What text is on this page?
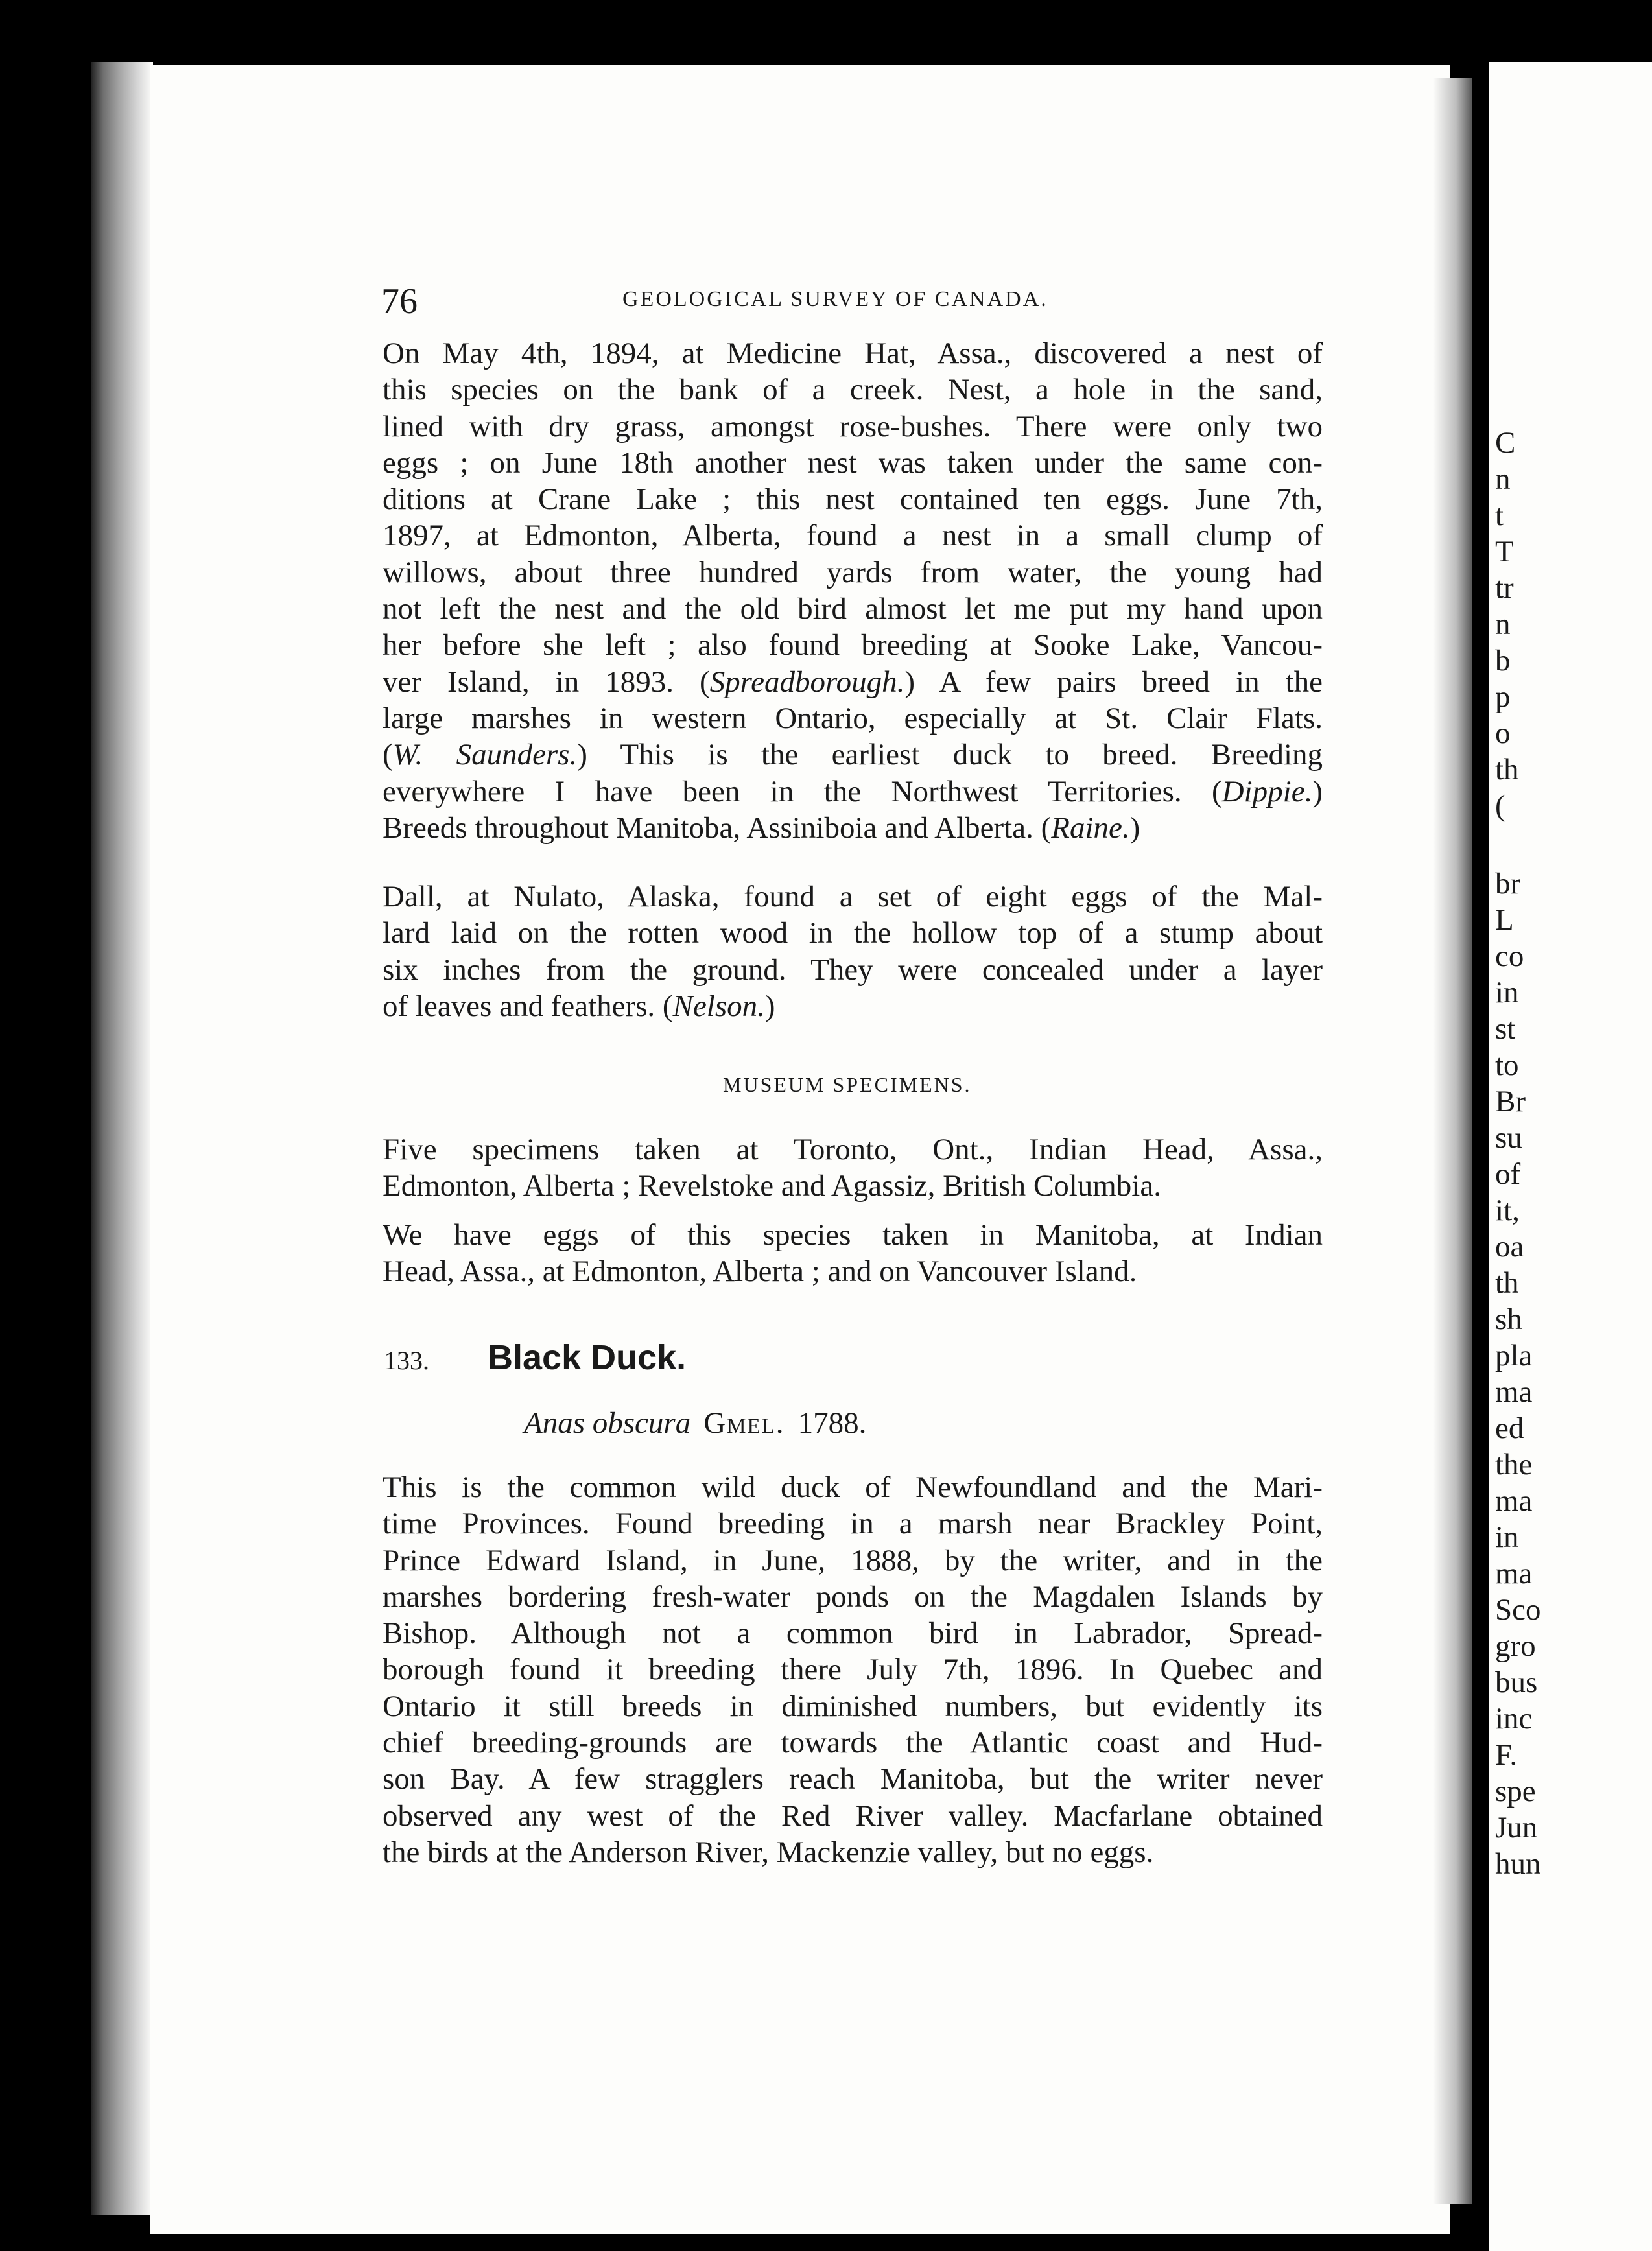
76	GEOLOGICAL SURVEY OF CANADA.
On May 4th, 1894, at Medicine Hat, Assa., discovered a nest of
this species on the bank of a creek. Nest, a hole in the sand,
lined with dry grass, amongst rose-bushes. There were only two
eggs ; on June 18th another nest was taken under the same con-
ditions at Crane Lake ; this nest contained ten eggs. June 7th,
1897, at Edmonton, Alberta, found a nest in a small clump of
willows, about three hundred yards from water, the young had
not left the nest and the old bird almost let me put my hand upon
her before she left ; also found breeding at Sooke Lake, Vancou-
ver Island, in 1893. (Spreadborough.) A few pairs breed in the
large marshes in western Ontario, especially at St. Clair Flats.
(W. Saunders.) This is the earliest duck to breed. Breeding
everywhere I have been in the Northwest Territories. (Dippie.)
Breeds throughout Manitoba, Assiniboia and Alberta. (Raine.)
Dall, at Nulato, Alaska, found a set of eight eggs of the Mal-
lard laid on the rotten wood in the hollow top of a stump about
six inches from the ground. They were concealed under a layer
of leaves and feathers. (Nelson.)
MUSEUM SPECIMENS.
Five specimens taken at Toronto, Ont., Indian Head, Assa.,
Edmonton, Alberta ; Revelstoke and Agassiz, British Columbia.
We have eggs of this species taken in Manitoba, at Indian
Head, Assa., at Edmonton, Alberta ; and on Vancouver Island.
133. Black Duck.
Anas obscura Gmel. 1788.
This is the common wild duck of Newfoundland and the Mari-
time Provinces. Found breeding in a marsh near Brackley Point,
Prince Edward Island, in June, 1888, by the writer, and in the
marshes bordering fresh-water ponds on the Magdalen Islands by
Bishop. Although not a common bird in Labrador, Spread-
borough found it breeding there July 7th, 1896. In Quebec and
Ontario it still breeds in diminished numbers, but evidently its
chief breeding-grounds are towards the Atlantic coast and Hud-
son Bay. A few stragglers reach Manitoba, but the writer never
observed any west of the Red River valley. Macfarlane obtained
the birds at the Anderson River, Mackenzie valley, but no eggs.
C
n
t
T
tr
n
b
p
o
th
(
br
L
co
in
st
to
Br
su
of
it,
oa
th
sh
pla
ma
ed
the
ma
in
ma
Sco
gro
bus
inc
F.
spe
Jun
hun
